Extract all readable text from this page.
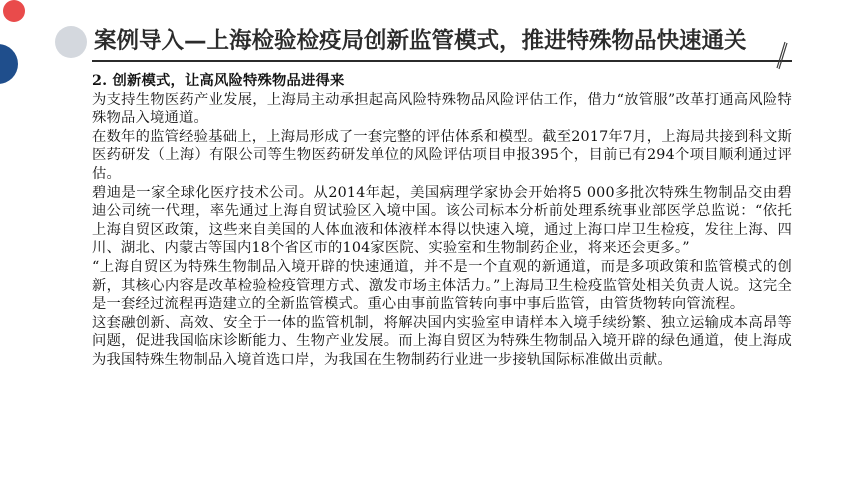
案例导入—上海检验检疫局创新监管模式，推进特殊物品快速通关

2. 创新模式，让高风险特殊物品进得来

为支持生物医药产业发展，上海局主动承担起高风险特殊物品风险评估工作，借力“放管服”改革打通高风险特殊物品入境通道。

在数年的监管经验基础上，上海局形成了一套完整的评估体系和模型。截至2017年7月，上海局共接到科文斯医药研发（上海）有限公司等生物医药研发单位的风险评估项目申报395个，目前已有294个项目顺利通过评估。

碧迪是一家全球化医疗技术公司。从2014年起，美国病理学家协会开始将5 000多批次特殊生物制品交由碧迪公司统一代理，率先通过上海自贸试验区入境中国。该公司标本分析前处理系统事业部医学总监说：“依托上海自贸区政策，这些来自美国的人体血液和体液样本得以快速入境，通过上海口岸卫生检疫，发往上海、四川、湖北、内蒙古等国内18个省区市的104家医院、实验室和生物制药企业，将来还会更多。”

“上海自贸区为特殊生物制品入境开辟的快速通道，并不是一个直观的新通道，而是多项政策和监管模式的创新，其核心内容是改革检验检疫管理方式、激发市场主体活力。”上海局卫生检疫监管处相关负责人说。这完全是一套经过流程再造建立的全新监管模式。重心由事前监管转向事中事后监管，由管货物转向管流程。

这套融创新、高效、安全于一体的监管机制，将解决国内实验室申请样本入境手续纷繁、独立运输成本高昂等问题，促进我国临床诊断能力、生物产业发展。而上海自贸区为特殊生物制品入境开辟的绿色通道，使上海成为我国特殊生物制品入境首选口岸，为我国在生物制药行业进一步接轨国际标准做出贡献。
